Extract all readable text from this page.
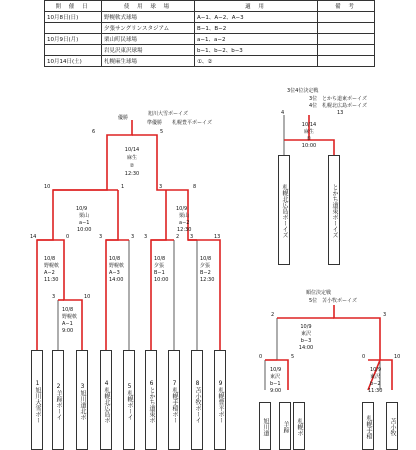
開 催 日	使 用 球 場	適 用	備 考
10月8日(日)	野幌軟式球場	A−1、A−2、A−3	
	夕張サングリンスタジアム	B−1、B−2	
10月9日(月)	栗山町民球場	a−1、a−2	
	岩見沢東沢球場	b−1、b−2、b−3	
10月14日(土)	札幌麻生球場	①、②	
優勝
旭川大雪ボーイズ
準優勝 札幌豊平ボーイズ
6	5
10/14
麻生
②
12:30
10	1
10/9
栗山
a−1
10:00
3	8
10/9
栗山
a−2
12:30
14	0
10/8
野幌軟
A−2
11:30
3	3
10/8
野幌軟
A−3
14:00
3	2
10/8
夕張
B−1
10:00
3	13
10/8
夕張
B−2
12:30
3	10
10/8
野幌軟
A−1
9:00
1旭川大雪ボー
2羊蹄ボーイ
3旭川道北ボ
4札幌北広島ボ
5札幌ボーイ
6とかち道東ボ
7札幌手稲ボー
8苫小牧ボーイ
9札幌豊平ボー
3位4位決定戦
3位 とかち道東ボーイズ
4位 札幌北広島ボーイズ
4	13
10/14
麻生
①
10:00
札幌北広島ボーイズ	とかち道東ボーイズ
順位決定戦
5位 苫小牧ボーイズ
2	3
10/9
東沢
b−3
14:00
0	5
10/9
東沢
b−1
9:00
0	10
10/9
東沢
b−2
11:30
旭川道	羊蹄	札幌ボ	札幌手稲	苫小牧
